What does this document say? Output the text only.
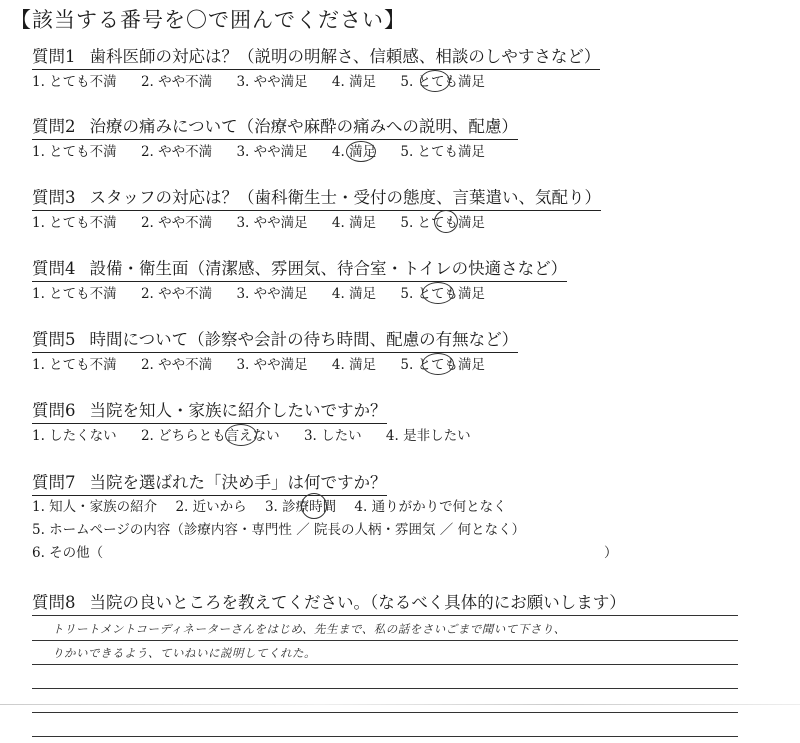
【該当する番号を〇で囲んでください】
質問1 歯科医師の対応は？（説明の明解さ、信頼感、相談のしやすさなど）
1. とても不満 2. やや不満 3. やや満足 4. 満足 5. とても満足
質問2 治療の痛みについて（治療や麻酔の痛みへの説明、配慮）
1. とても不満 2. やや不満 3. やや満足 4. 満足 5. とても満足
質問3 スタッフの対応は？（歯科衛生士・受付の態度、言葉遣い、気配り）
1. とても不満 2. やや不満 3. やや満足 4. 満足 5. とても満足
質問4 設備・衛生面（清潔感、雰囲気、待合室・トイレの快適さなど）
1. とても不満 2. やや不満 3. やや満足 4. 満足 5. とても満足
質問5 時間について（診察や会計の待ち時間、配慮の有無など）
1. とても不満 2. やや不満 3. やや満足 4. 満足 5. とても満足
質問6 当院を知人・家族に紹介したいですか？
1. したくない 2. どちらとも言えない 3. したい 4. 是非したい
質問7 当院を選ばれた「決め手」は何ですか？
1. 知人・家族の紹介 2. 近いから 3. 診療時間 4. 通りがかりで何となく
5. ホームページの内容（診療内容・専門性 ／ 院長の人柄・雰囲気 ／ 何となく）
6. その他（	）
質問8 当院の良いところを教えてください。（なるべく具体的にお願いします）
トリートメントコーディネーターさんをはじめ、先生まで、私の話をさいごまで聞いて下さり、
りかいできるよう、ていねいに説明してくれた。
